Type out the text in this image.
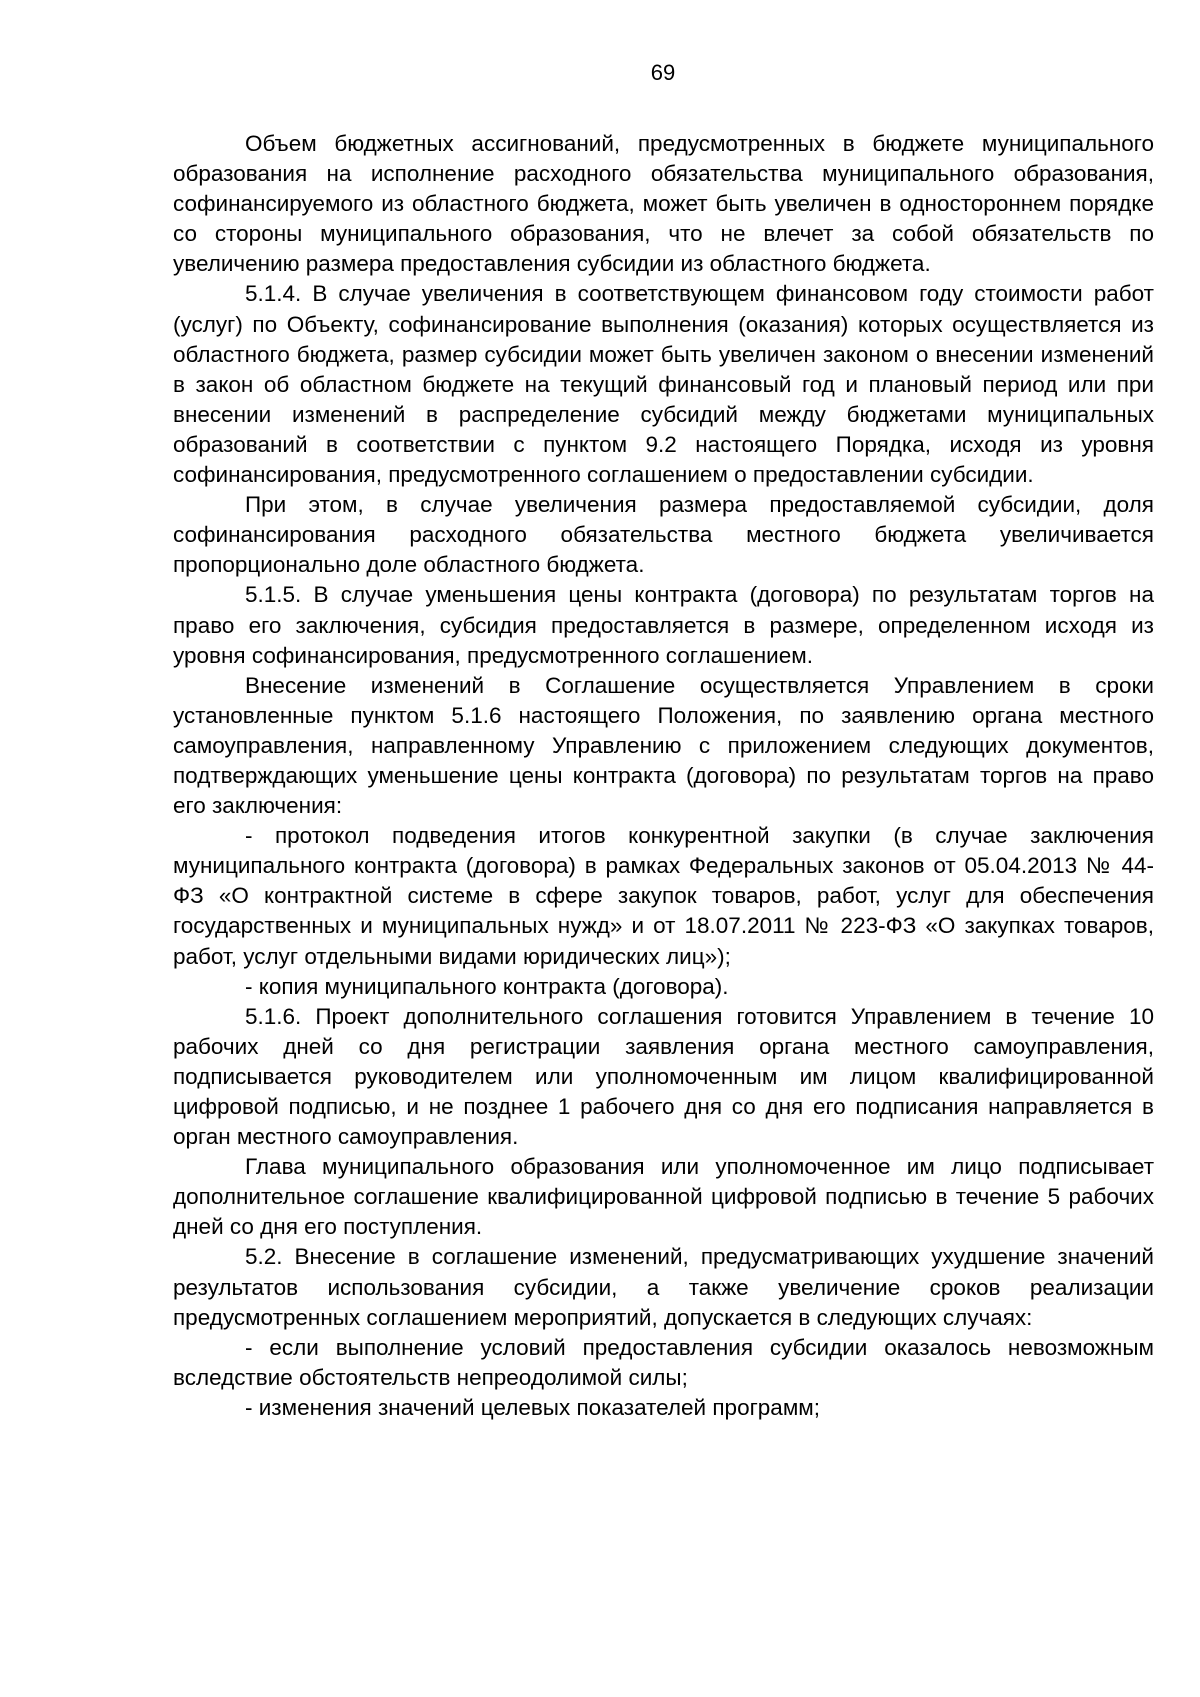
69

Объем бюджетных ассигнований, предусмотренных в бюджете муниципального образования на исполнение расходного обязательства муниципального образования, софинансируемого из областного бюджета, может быть увеличен в одностороннем порядке со стороны муниципального образования, что не влечет за собой обязательств по увеличению размера предоставления субсидии из областного бюджета.

5.1.4. В случае увеличения в соответствующем финансовом году стоимости работ (услуг) по Объекту, софинансирование выполнения (оказания) которых осуществляется из областного бюджета, размер субсидии может быть увеличен законом о внесении изменений в закон об областном бюджете на текущий финансовый год и плановый период или при внесении изменений в распределение субсидий между бюджетами муниципальных образований в соответствии с пунктом 9.2 настоящего Порядка, исходя из уровня софинансирования, предусмотренного соглашением о предоставлении субсидии.

При этом, в случае увеличения размера предоставляемой субсидии, доля софинансирования расходного обязательства местного бюджета увеличивается пропорционально доле областного бюджета.

5.1.5. В случае уменьшения цены контракта (договора) по результатам торгов на право его заключения, субсидия предоставляется в размере, определенном исходя из уровня софинансирования, предусмотренного соглашением.

Внесение изменений в Соглашение осуществляется Управлением в сроки установленные пунктом 5.1.6 настоящего Положения, по заявлению органа местного самоуправления, направленному Управлению с приложением следующих документов, подтверждающих уменьшение цены контракта (договора) по результатам торгов на право его заключения:

- протокол подведения итогов конкурентной закупки (в случае заключения муниципального контракта (договора) в рамках Федеральных законов от 05.04.2013 № 44-ФЗ «О контрактной системе в сфере закупок товаров, работ, услуг для обеспечения государственных и муниципальных нужд» и от 18.07.2011 № 223-ФЗ «О закупках товаров, работ, услуг отдельными видами юридических лиц»);

- копия муниципального контракта (договора).

5.1.6. Проект дополнительного соглашения готовится Управлением в течение 10 рабочих дней со дня регистрации заявления органа местного самоуправления, подписывается руководителем или уполномоченным им лицом квалифицированной цифровой подписью, и не позднее 1 рабочего дня со дня его подписания направляется в орган местного самоуправления.

Глава муниципального образования или уполномоченное им лицо подписывает дополнительное соглашение квалифицированной цифровой подписью в течение 5 рабочих дней со дня его поступления.

5.2. Внесение в соглашение изменений, предусматривающих ухудшение значений результатов использования субсидии, а также увеличение сроков реализации предусмотренных соглашением мероприятий, допускается в следующих случаях:

- если выполнение условий предоставления субсидии оказалось невозможным вследствие обстоятельств непреодолимой силы;

- изменения значений целевых показателей программ;
